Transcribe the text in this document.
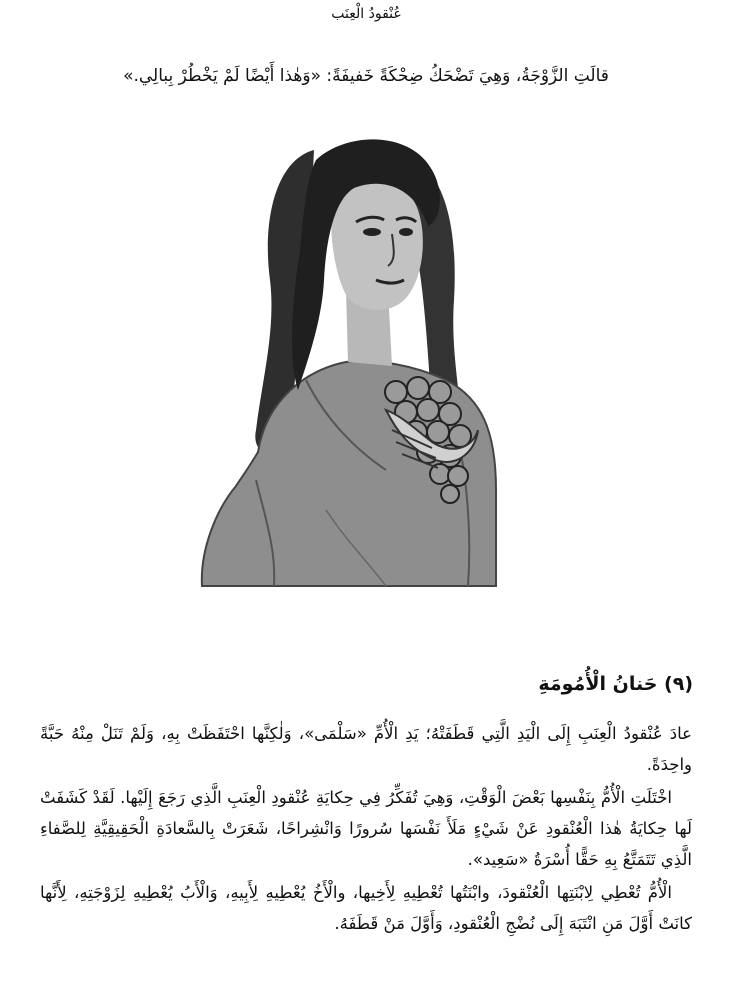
عُنْقودُ الْعِنَب
قالَتِ الزَّوْجَةُ، وَهِيَ تَضْحَكُ ضِحْكَةً خَفيفَةً: «وَهٰذا أَيْضًا لَمْ يَخْطُرْ بِبالِي.»
(٩) حَنانُ الْأُمُومَةِ

عادَ عُنْقودُ الْعِنَبِ إِلَى الْيَدِ الَّتِي قَطَفَتْهُ؛ يَدِ الْأُمِّ «سَلْمَى»، وَلٰكِنَّها احْتَفَظَتْ بِهِ، وَلَمْ تَنَلْ مِنْهُ حَبَّةً واحِدَةً.

اخْتَلَتِ الْأُمُّ بِنَفْسِها بَعْضَ الْوَقْتِ، وَهِيَ تُفَكِّرُ فِي حِكايَةِ عُنْقودِ الْعِنَبِ الَّذِي رَجَعَ إِلَيْها. لَقَدْ كَشَفَتْ لَها حِكايَةُ هٰذا الْعُنْقودِ عَنْ شَيْءٍ مَلَأَ نَفْسَها سُرورًا وَانْشِراحًا، شَعَرَتْ بِالسَّعادَةِ الْحَقِيقِيَّةِ لِلصَّفاءِ الَّذِي تَتَمَتَّعُ بِهِ حَقًّا أُسْرَةُ «سَعِيد».

الْأُمُّ تُعْطِي لِابْنَتِها الْعُنْقودَ، وابْنَتُها تُعْطِيهِ لِأَخِيها، والْأَخُ يُعْطِيهِ لِأَبِيهِ، وَالْأَبُ يُعْطِيهِ لِزَوْجَتِهِ، لِأَنَّها كانَتْ أَوَّلَ مَنِ انْتَبَهَ إِلَى نُضْجِ الْعُنْقودِ، وَأَوَّلَ مَنْ قَطَفَهُ.
